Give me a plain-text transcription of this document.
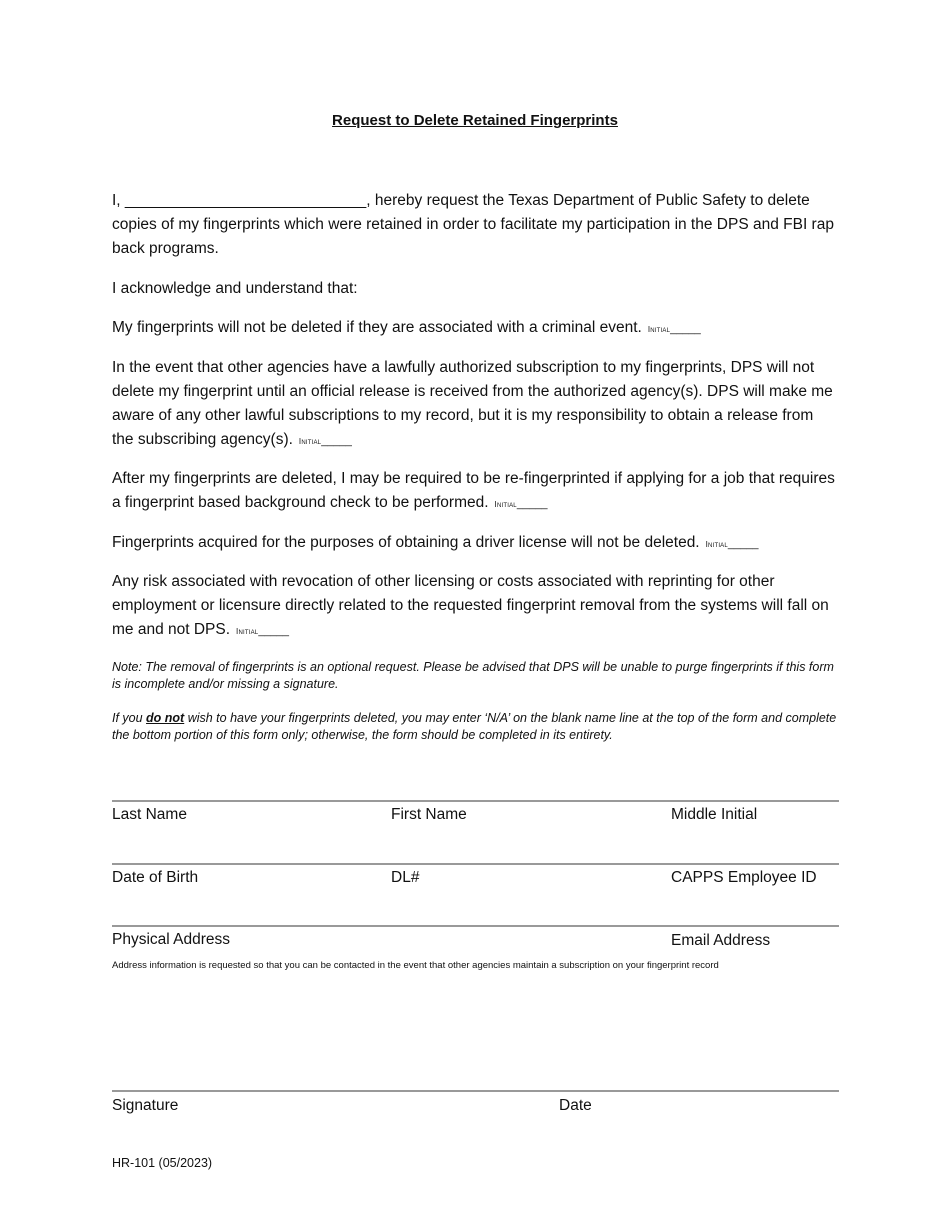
Request to Delete Retained Fingerprints
I, ____________________________, hereby request the Texas Department of Public Safety to delete copies of my fingerprints which were retained in order to facilitate my participation in the DPS and FBI rap back programs.
I acknowledge and understand that:
My fingerprints will not be deleted if they are associated with a criminal event. Initial_____
In the event that other agencies have a lawfully authorized subscription to my fingerprints, DPS will not delete my fingerprint until an official release is received from the authorized agency(s). DPS will make me aware of any other lawful subscriptions to my record, but it is my responsibility to obtain a release from the subscribing agency(s). Initial_____
After my fingerprints are deleted, I may be required to be re-fingerprinted if applying for a job that requires a fingerprint based background check to be performed. Initial_____
Fingerprints acquired for the purposes of obtaining a driver license will not be deleted. Initial_____
Any risk associated with revocation of other licensing or costs associated with reprinting for other employment or licensure directly related to the requested fingerprint removal from the systems will fall on me and not DPS. Initial_____
Note: The removal of fingerprints is an optional request. Please be advised that DPS will be unable to purge fingerprints if this form is incomplete and/or missing a signature.
If you do not wish to have your fingerprints deleted, you may enter ‘N/A’ on the blank name line at the top of the form and complete the bottom portion of this form only; otherwise, the form should be completed in its entirety.
Last Name	First Name	Middle Initial
Date of Birth	DL#	CAPPS Employee ID
Physical Address	Email Address
Address information is requested so that you can be contacted in the event that other agencies maintain a subscription on your fingerprint record
Signature	Date
HR-101 (05/2023)
